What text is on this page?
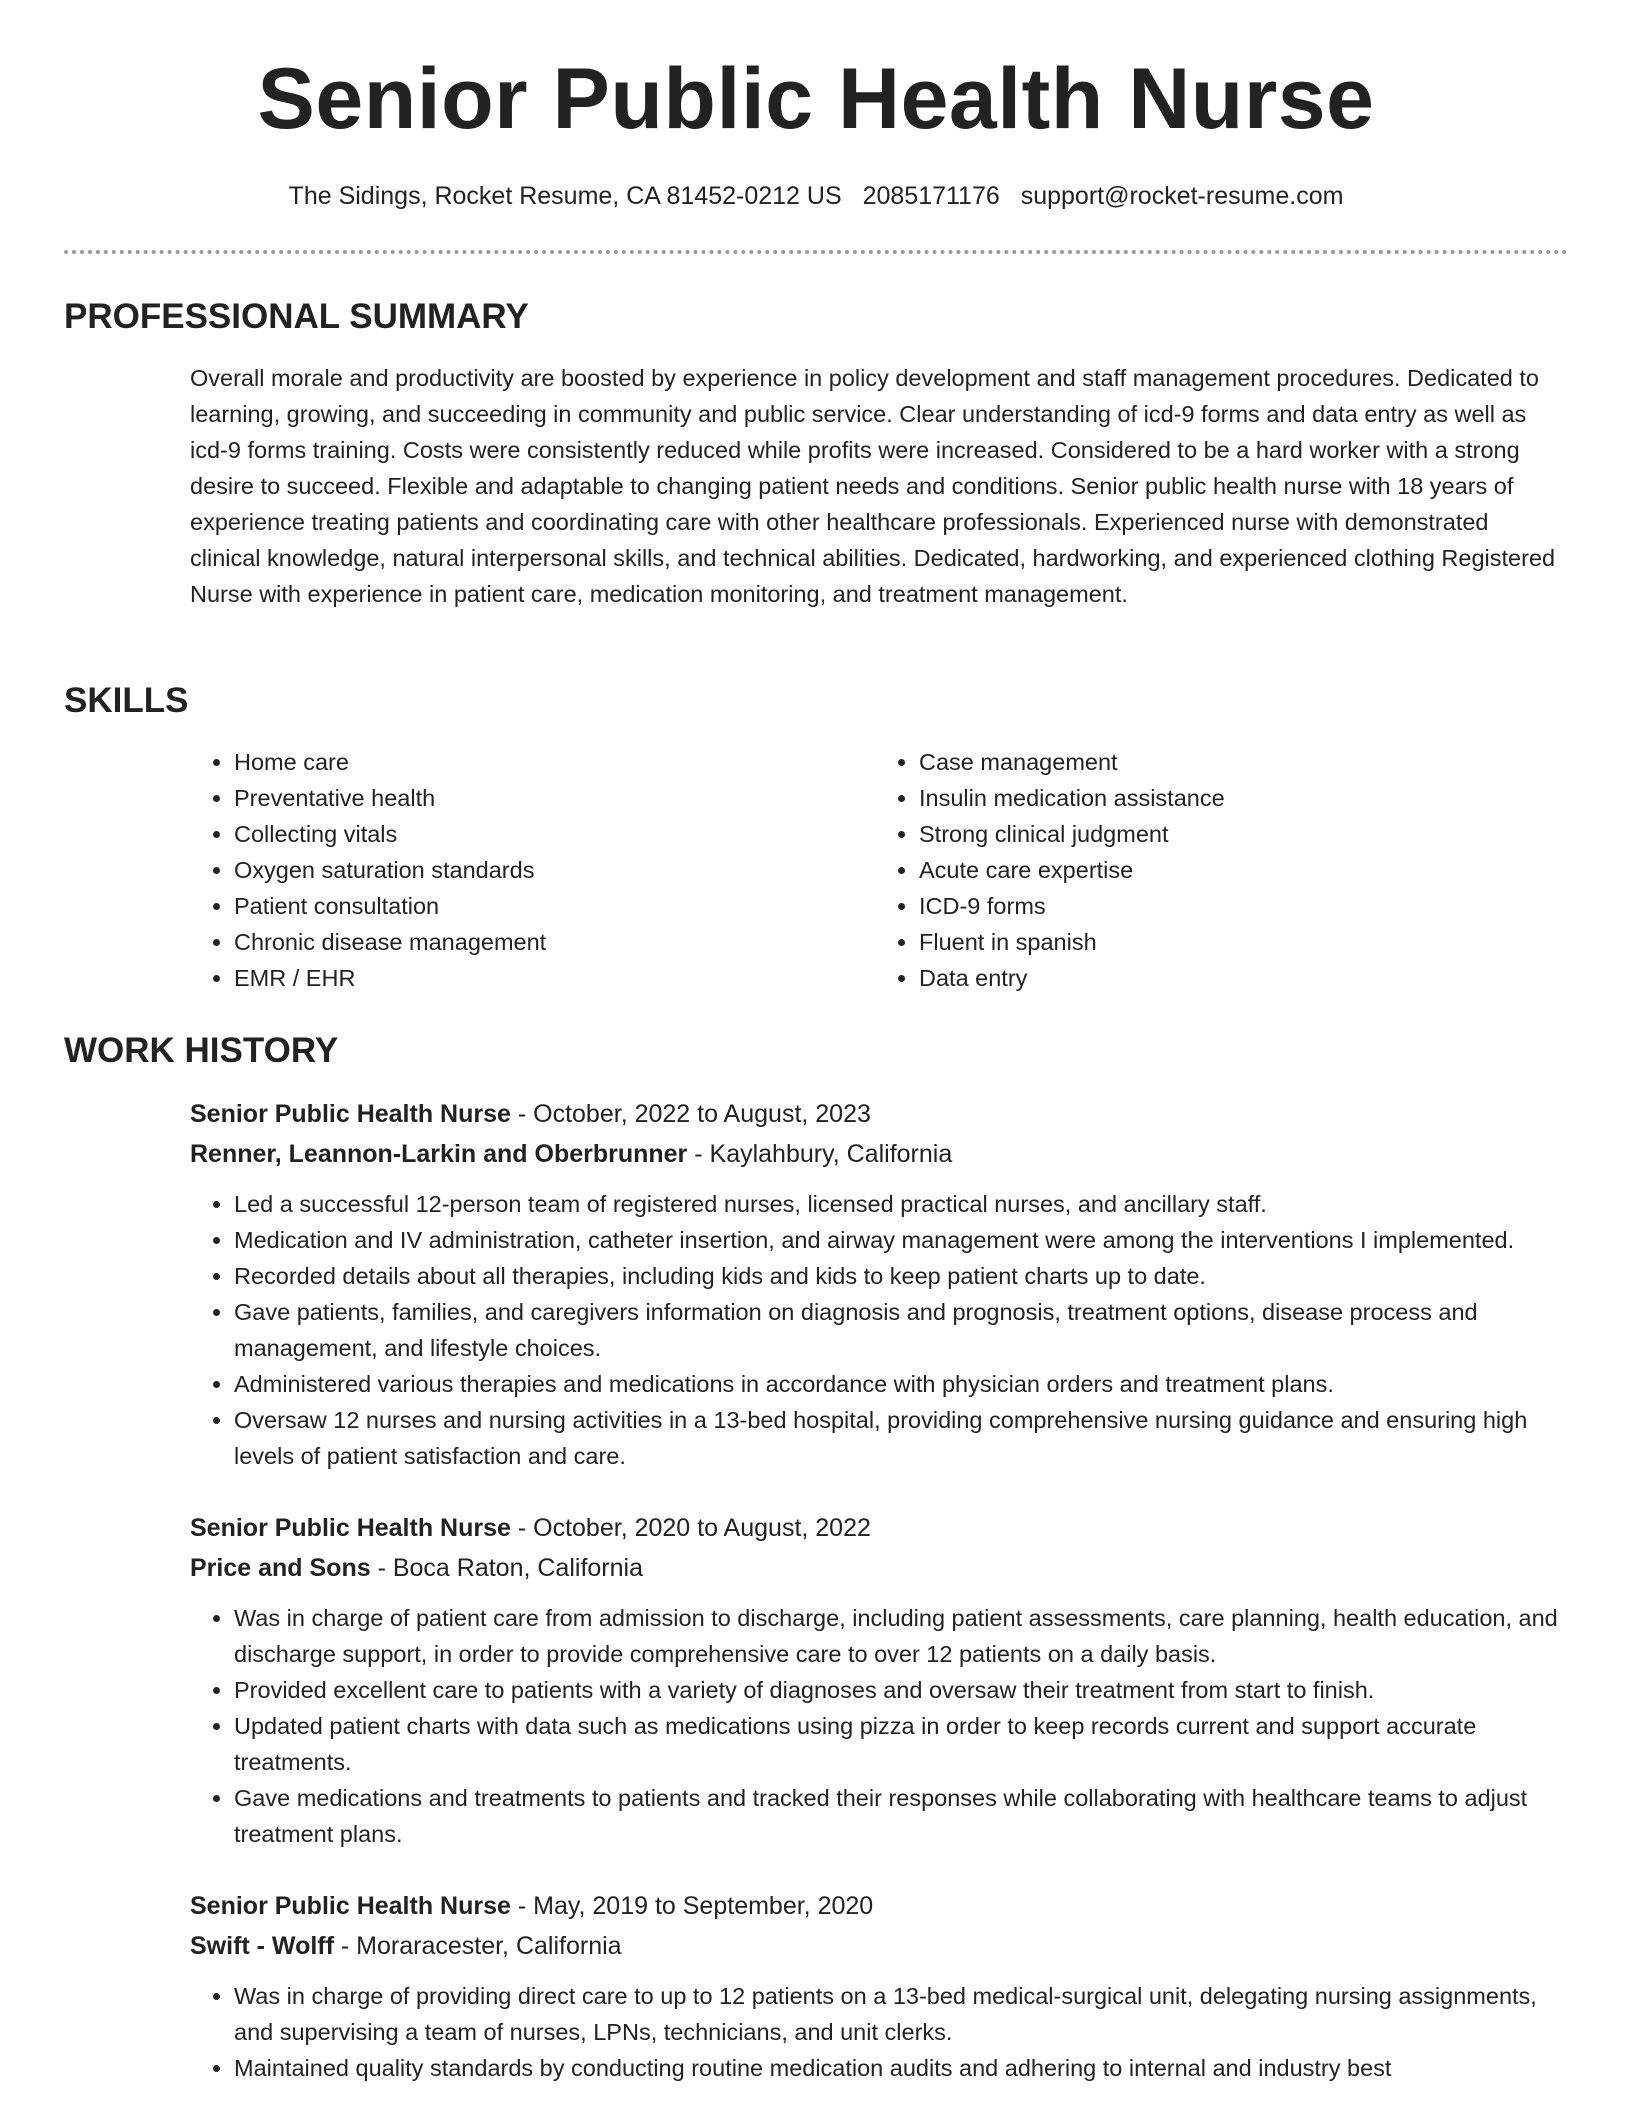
Senior Public Health Nurse
The Sidings, Rocket Resume, CA 81452-0212 US 2085171176 support@rocket-resume.com
PROFESSIONAL SUMMARY

Overall morale and productivity are boosted by experience in policy development and staff management procedures. Dedicated to learning, growing, and succeeding in community and public service. Clear understanding of icd-9 forms and data entry as well as icd-9 forms training. Costs were consistently reduced while profits were increased. Considered to be a hard worker with a strong desire to succeed. Flexible and adaptable to changing patient needs and conditions. Senior public health nurse with 18 years of experience treating patients and coordinating care with other healthcare professionals. Experienced nurse with demonstrated clinical knowledge, natural interpersonal skills, and technical abilities. Dedicated, hardworking, and experienced clothing Registered Nurse with experience in patient care, medication monitoring, and treatment management.

SKILLS
• Home care
• Preventative health
• Collecting vitals
• Oxygen saturation standards
• Patient consultation
• Chronic disease management
• EMR / EHR
• Case management
• Insulin medication assistance
• Strong clinical judgment
• Acute care expertise
• ICD-9 forms
• Fluent in spanish
• Data entry
WORK HISTORY

Senior Public Health Nurse - October, 2022 to August, 2023

Renner, Leannon-Larkin and Oberbrunner - Kaylahbury, California

• Led a successful 12-person team of registered nurses, licensed practical nurses, and ancillary staff.
• Medication and IV administration, catheter insertion, and airway management were among the interventions I implemented.
• Recorded details about all therapies, including kids and kids to keep patient charts up to date.
• Gave patients, families, and caregivers information on diagnosis and prognosis, treatment options, disease process and management, and lifestyle choices.
• Administered various therapies and medications in accordance with physician orders and treatment plans.
• Oversaw 12 nurses and nursing activities in a 13-bed hospital, providing comprehensive nursing guidance and ensuring high levels of patient satisfaction and care.

Senior Public Health Nurse - October, 2020 to August, 2022

Price and Sons - Boca Raton, California

• Was in charge of patient care from admission to discharge, including patient assessments, care planning, health education, and discharge support, in order to provide comprehensive care to over 12 patients on a daily basis.
• Provided excellent care to patients with a variety of diagnoses and oversaw their treatment from start to finish.
• Updated patient charts with data such as medications using pizza in order to keep records current and support accurate treatments.
• Gave medications and treatments to patients and tracked their responses while collaborating with healthcare teams to adjust treatment plans.

Senior Public Health Nurse - May, 2019 to September, 2020

Swift - Wolff - Moraracester, California

• Was in charge of providing direct care to up to 12 patients on a 13-bed medical-surgical unit, delegating nursing assignments, and supervising a team of nurses, LPNs, technicians, and unit clerks.
• Maintained quality standards by conducting routine medication audits and adhering to internal and industry best
